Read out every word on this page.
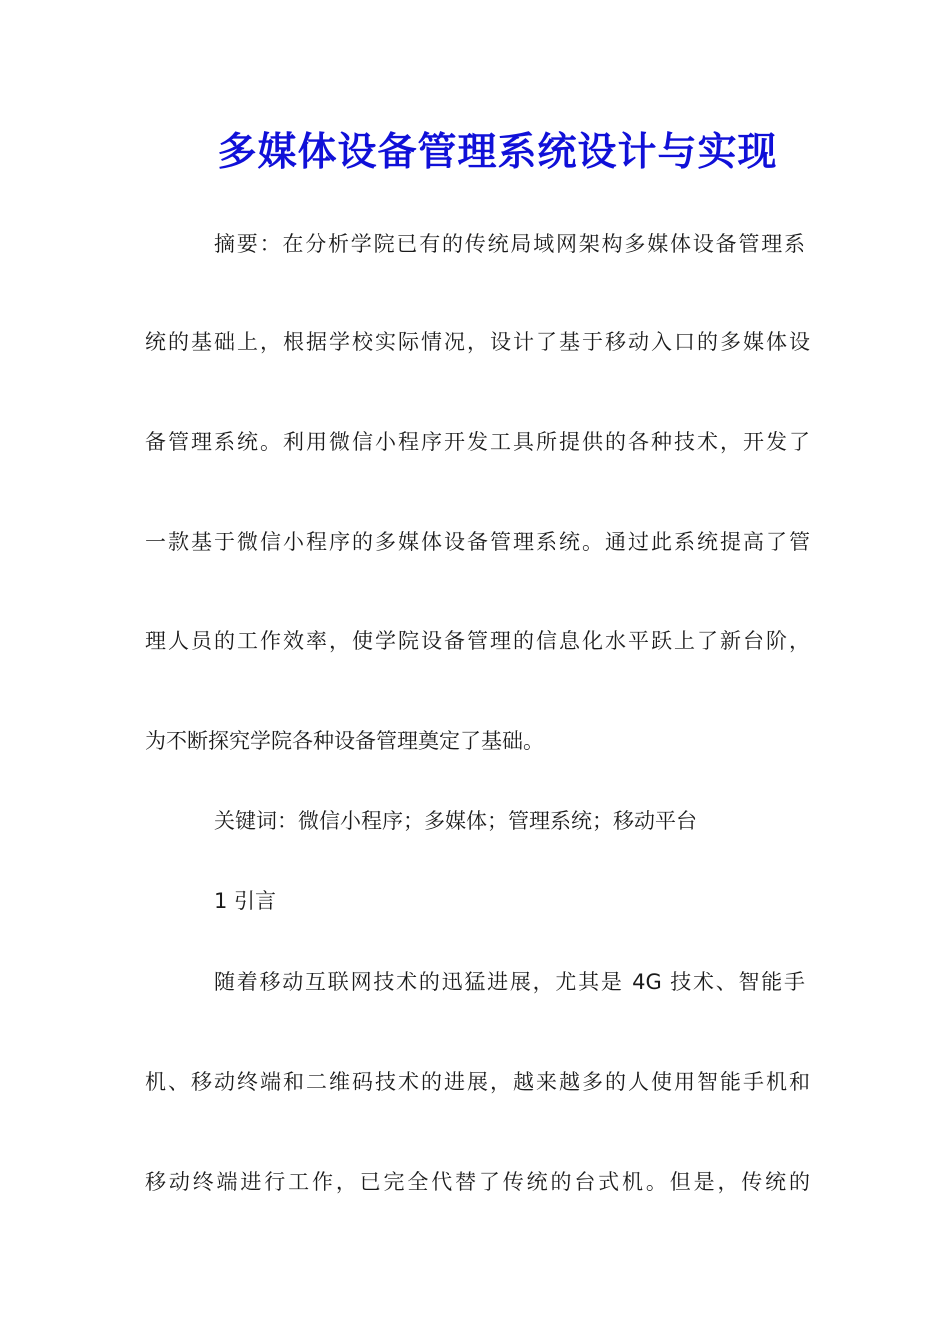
多媒体设备管理系统设计与实现
摘要：在分析学院已有的传统局域网架构多媒体设备管理系
统的基础上，根据学校实际情况，设计了基于移动入口的多媒体设
备管理系统。利用微信小程序开发工具所提供的各种技术，开发了
一款基于微信小程序的多媒体设备管理系统。通过此系统提高了管
理人员的工作效率，使学院设备管理的信息化水平跃上了新台阶，
为不断探究学院各种设备管理奠定了基础。
关键词：微信小程序；多媒体；管理系统；移动平台
1 引言
随着移动互联网技术的迅猛进展，尤其是 4G 技术、智能手
机、移动终端和二维码技术的进展，越来越多的人使用智能手机和
移动终端进行工作，已完全代替了传统的台式机。但是，传统的
